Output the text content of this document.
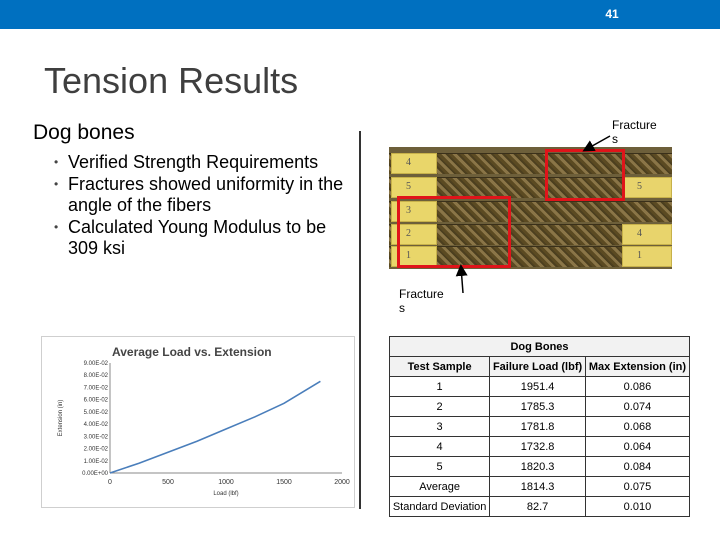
41
Tension Results
Dog bones
• Verified Strength Requirements
• Fractures showed uniformity in the angle of the fibers
• Calculated Young Modulus to be 309 ksi
4
5
3
2
1
5
4
1
Fracture s
Fracture s
Average Load vs. Extension
0.00E+00
1.00E-02
2.00E-02
3.00E-02
4.00E-02
5.00E-02
6.00E-02
7.00E-02
8.00E-02
9.00E-02
0	500	1000	1500	2000
Load (lbf)
Extension (in)
Dog Bones		
Test Sample	Failure Load (lbf)	Max Extension (in)
1	1951.4	0.086
2	1785.3	0.074
3	1781.8	0.068
4	1732.8	0.064
5	1820.3	0.084
Average	1814.3	0.075
Standard Deviation	82.7	0.010
